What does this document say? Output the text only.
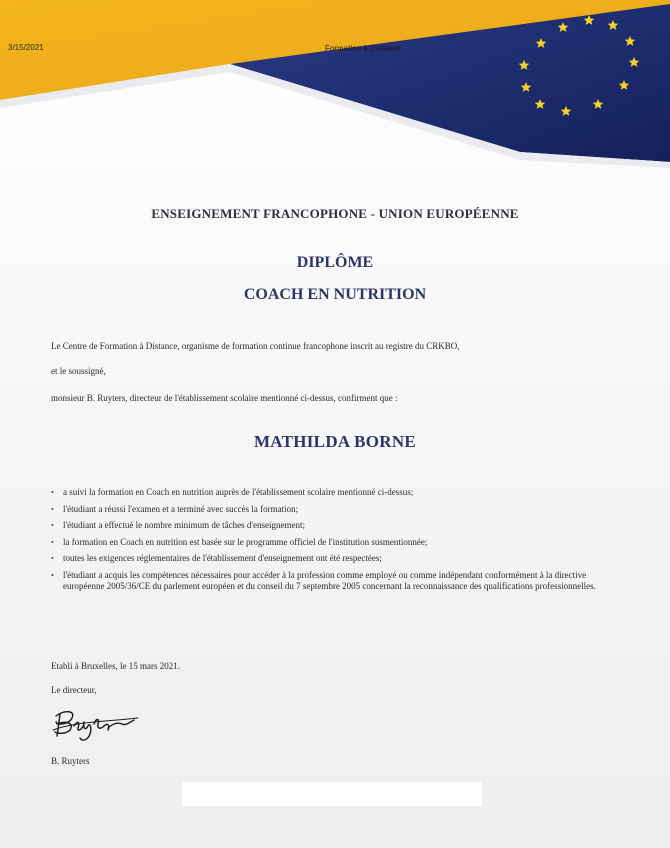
3/15/2021	Formation à Distance
ENSEIGNEMENT FRANCOPHONE - UNION EUROPÉENNE
DIPLÔME
COACH EN NUTRITION
Le Centre de Formation à Distance, organisme de formation continue francophone inscrit au registre du CRKBO,
et le soussigné,
monsieur B. Ruyters, directeur de l'établissement scolaire mentionné ci-dessus, confirment que :
MATHILDA BORNE
• a suivi la formation en Coach en nutrition auprès de l'établissement scolaire mentionné ci-dessus;
• l'étudiant a réussi l'examen et a terminé avec succès la formation;
• l'étudiant a effectué le nombre minimum de tâches d'enseignement;
• la formation en Coach en nutrition est basée sur le programme officiel de l'institution susmentionnée;
• toutes les exigences réglementaires de l'établissement d'enseignement ont été respectées;
• l'étudiant a acquis les compétences nécessaires pour accéder à la profession comme employé ou comme indépendant conformément à la directive européenne 2005/36/CE du parlement européen et du conseil du 7 septembre 2005 concernant la reconnaissance des qualifications professionnelles.
Etabli à Bruxelles, le 15 mars 2021.
Le directeur,
B. Ruyters
